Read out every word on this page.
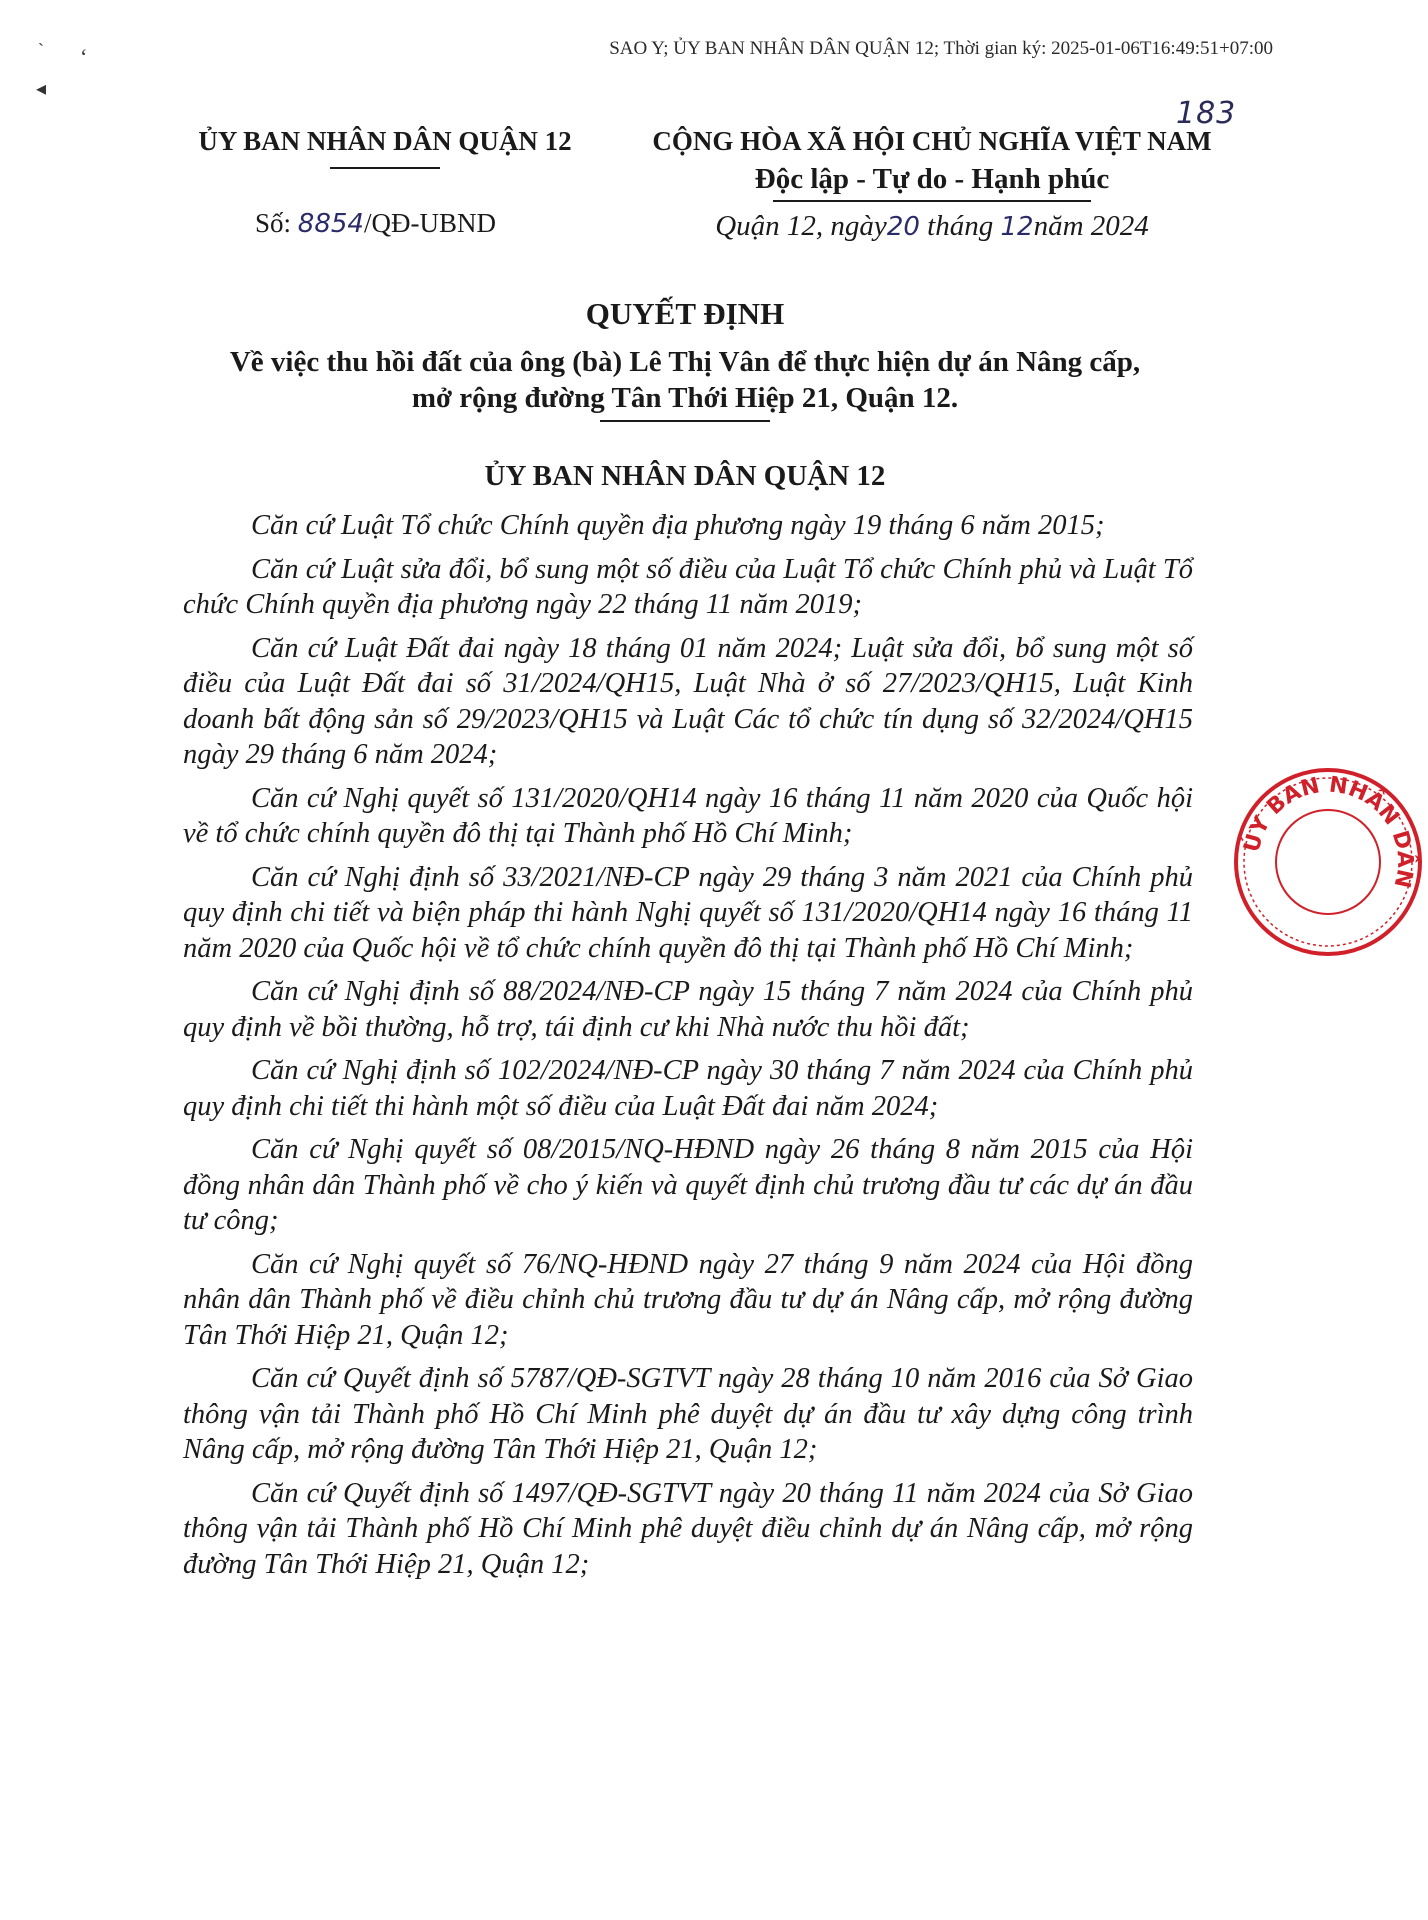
SAO Y; ỦY BAN NHÂN DÂN QUẬN 12; Thời gian ký: 2025-01-06T16:49:51+07:00
ˋ ʻ
◂
183
ỦY BAN NHÂN DÂN QUẬN 12	CỘNG HÒA XÃ HỘI CHỦ NGHĨA VIỆT NAM
Độc lập - Tự do - Hạnh phúc
Số: 8854/QĐ-UBND	Quận 12, ngày20 tháng 12năm 2024
QUYẾT ĐỊNH
Về việc thu hồi đất của ông (bà) Lê Thị Vân để thực hiện dự án Nâng cấp,
mở rộng đường Tân Thới Hiệp 21, Quận 12.
ỦY BAN NHÂN DÂN QUẬN 12

Căn cứ Luật Tổ chức Chính quyền địa phương ngày 19 tháng 6 năm 2015;

Căn cứ Luật sửa đổi, bổ sung một số điều của Luật Tổ chức Chính phủ và Luật Tổ chức Chính quyền địa phương ngày 22 tháng 11 năm 2019;

Căn cứ Luật Đất đai ngày 18 tháng 01 năm 2024; Luật sửa đổi, bổ sung một số điều của Luật Đất đai số 31/2024/QH15, Luật Nhà ở số 27/2023/QH15, Luật Kinh doanh bất động sản số 29/2023/QH15 và Luật Các tổ chức tín dụng số 32/2024/QH15 ngày 29 tháng 6 năm 2024;

Căn cứ Nghị quyết số 131/2020/QH14 ngày 16 tháng 11 năm 2020 của Quốc hội về tổ chức chính quyền đô thị tại Thành phố Hồ Chí Minh;

Căn cứ Nghị định số 33/2021/NĐ-CP ngày 29 tháng 3 năm 2021 của Chính phủ quy định chi tiết và biện pháp thi hành Nghị quyết số 131/2020/QH14 ngày 16 tháng 11 năm 2020 của Quốc hội về tổ chức chính quyền đô thị tại Thành phố Hồ Chí Minh;

Căn cứ Nghị định số 88/2024/NĐ-CP ngày 15 tháng 7 năm 2024 của Chính phủ quy định về bồi thường, hỗ trợ, tái định cư khi Nhà nước thu hồi đất;

Căn cứ Nghị định số 102/2024/NĐ-CP ngày 30 tháng 7 năm 2024 của Chính phủ quy định chi tiết thi hành một số điều của Luật Đất đai năm 2024;

Căn cứ Nghị quyết số 08/2015/NQ-HĐND ngày 26 tháng 8 năm 2015 của Hội đồng nhân dân Thành phố về cho ý kiến và quyết định chủ trương đầu tư các dự án đầu tư công;

Căn cứ Nghị quyết số 76/NQ-HĐND ngày 27 tháng 9 năm 2024 của Hội đồng nhân dân Thành phố về điều chỉnh chủ trương đầu tư dự án Nâng cấp, mở rộng đường Tân Thới Hiệp 21, Quận 12;

Căn cứ Quyết định số 5787/QĐ-SGTVT ngày 28 tháng 10 năm 2016 của Sở Giao thông vận tải Thành phố Hồ Chí Minh phê duyệt dự án đầu tư xây dựng công trình Nâng cấp, mở rộng đường Tân Thới Hiệp 21, Quận 12;

Căn cứ Quyết định số 1497/QĐ-SGTVT ngày 20 tháng 11 năm 2024 của Sở Giao thông vận tải Thành phố Hồ Chí Minh phê duyệt điều chỉnh dự án Nâng cấp, mở rộng đường Tân Thới Hiệp 21, Quận 12;

ỦY BAN NHÂN DÂN
